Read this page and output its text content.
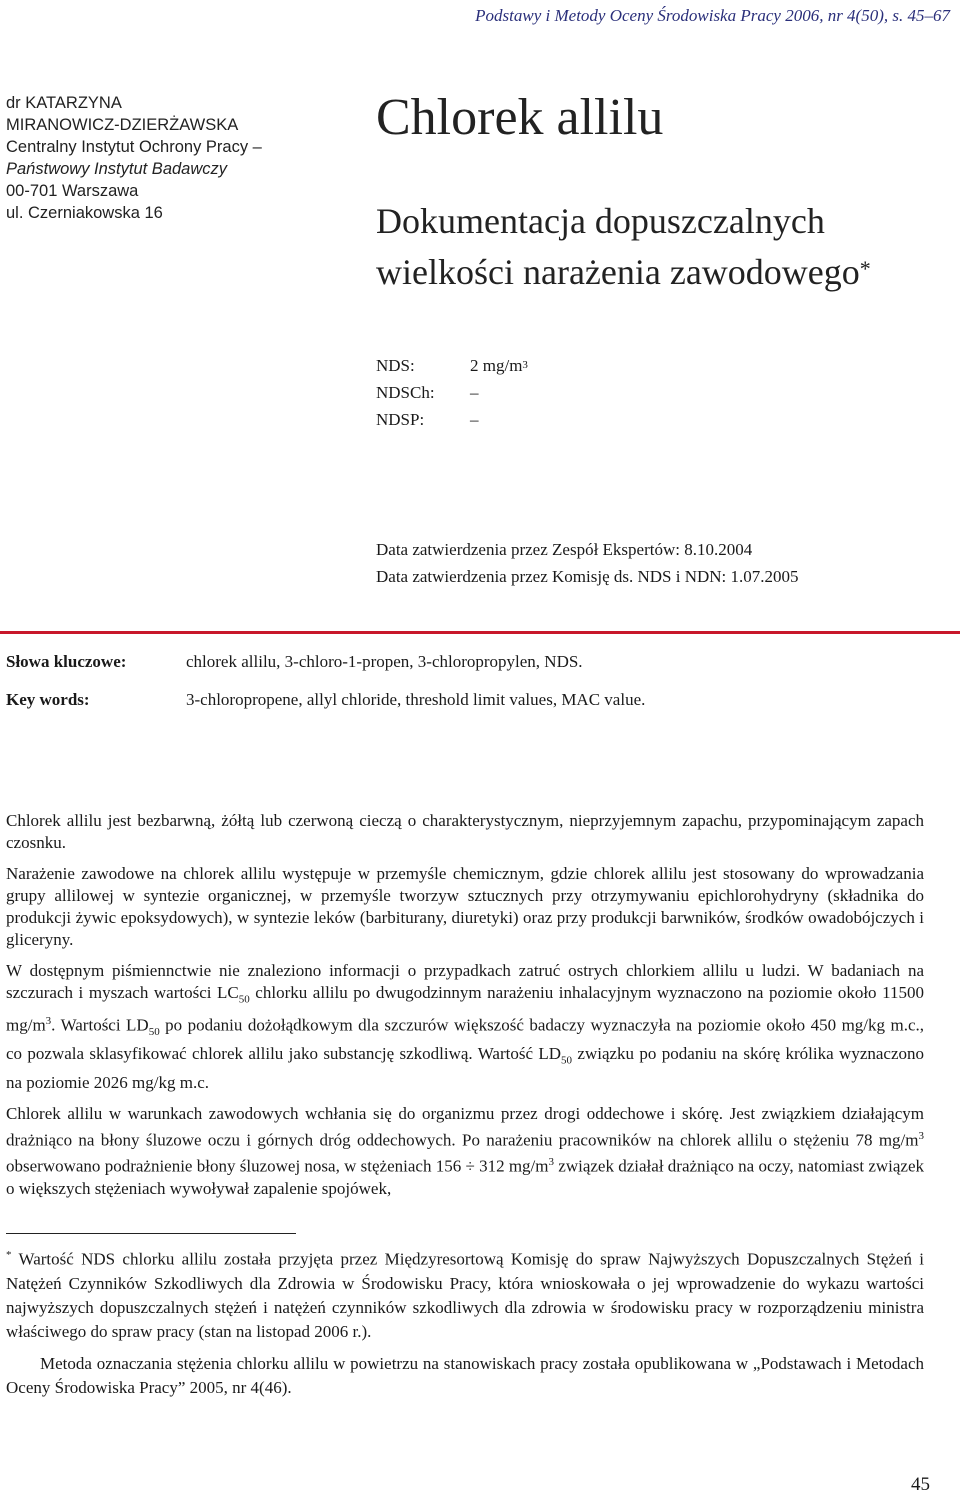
Podstawy i Metody Oceny Środowiska Pracy 2006, nr 4(50), s. 45–67
dr KATARZYNA
MIRANOWICZ-DZIERŻAWSKA
Centralny Instytut Ochrony Pracy –
Państwowy Instytut Badawczy
00-701 Warszawa
ul. Czerniakowska 16
Chlorek allilu
Dokumentacja dopuszczalnych
wielkości narażenia zawodowego*
NDS:	2 $mg/m^3$
NDSCh:	–
NDSP:	–
Data zatwierdzenia przez Zespół Ekspertów: 8.10.2004
Data zatwierdzenia przez Komisję ds. NDS i NDN: 1.07.2005
Słowa kluczowe:	chlorek allilu, 3-chloro-1-propen, 3-chloropropylen, NDS.
Key words:	3-chloropropene, allyl chloride, threshold limit values, MAC value.

Chlorek allilu jest bezbarwną, żółtą lub czerwoną cieczą o charakterystycznym, nieprzyjemnym zapachu, przypominającym zapach czosnku.

Narażenie zawodowe na chlorek allilu występuje w przemyśle chemicznym, gdzie chlorek allilu jest stosowany do wprowadzania grupy allilowej w syntezie organicznej, w przemyśle tworzyw sztucznych przy otrzymywaniu epichlorohydryny (składnika do produkcji żywic epoksydowych), w syntezie leków (barbiturany, diuretyki) oraz przy produkcji barwników, środków owadobójczych i gliceryny.

W dostępnym piśmiennctwie nie znaleziono informacji o przypadkach zatruć ostrych chlorkiem allilu u ludzi. W badaniach na szczurach i myszach wartości $LC_{50}$ chlorku allilu po dwugodzinnym narażeniu inhalacyjnym wyznaczono na poziomie około 11500 $mg/m^3$. Wartości $LD_{50}$ po podaniu dożołądkowym dla szczurów większość badaczy wyznaczyła na poziomie około 450 mg/kg m.c., co pozwala sklasyfikować chlorek allilu jako substancję szkodliwą. Wartość $LD_{50}$ związku po podaniu na skórę królika wyznaczono na poziomie 2026 mg/kg m.c.

Chlorek allilu w warunkach zawodowych wchłania się do organizmu przez drogi oddechowe i skórę. Jest związkiem działającym drażniąco na błony śluzowe oczu i górnych dróg oddechowych. Po narażeniu pracowników na chlorek allilu o stężeniu 78 $mg/m^3$ obserwowano podrażnienie błony śluzowej nosa, w stężeniach 156 ÷ 312 $mg/m^3$ związek działał drażniąco na oczy, natomiast związek o większych stężeniach wywoływał zapalenie spojówek,

* Wartość NDS chlorku allilu została przyjęta przez Międzyresortową Komisję do spraw Najwyższych Dopuszczalnych Stężeń i Natężeń Czynników Szkodliwych dla Zdrowia w Środowisku Pracy, która wnioskowała o jej wprowadzenie do wykazu wartości najwyższych dopuszczalnych stężeń i natężeń czynników szkodliwych dla zdrowia w środowisku pracy w rozporządzeniu ministra właściwego do spraw pracy (stan na listopad 2006 r.).

Metoda oznaczania stężenia chlorku allilu w powietrzu na stanowiskach pracy została opublikowana w „Podstawach i Metodach Oceny Środowiska Pracy” 2005, nr 4(46).

45
